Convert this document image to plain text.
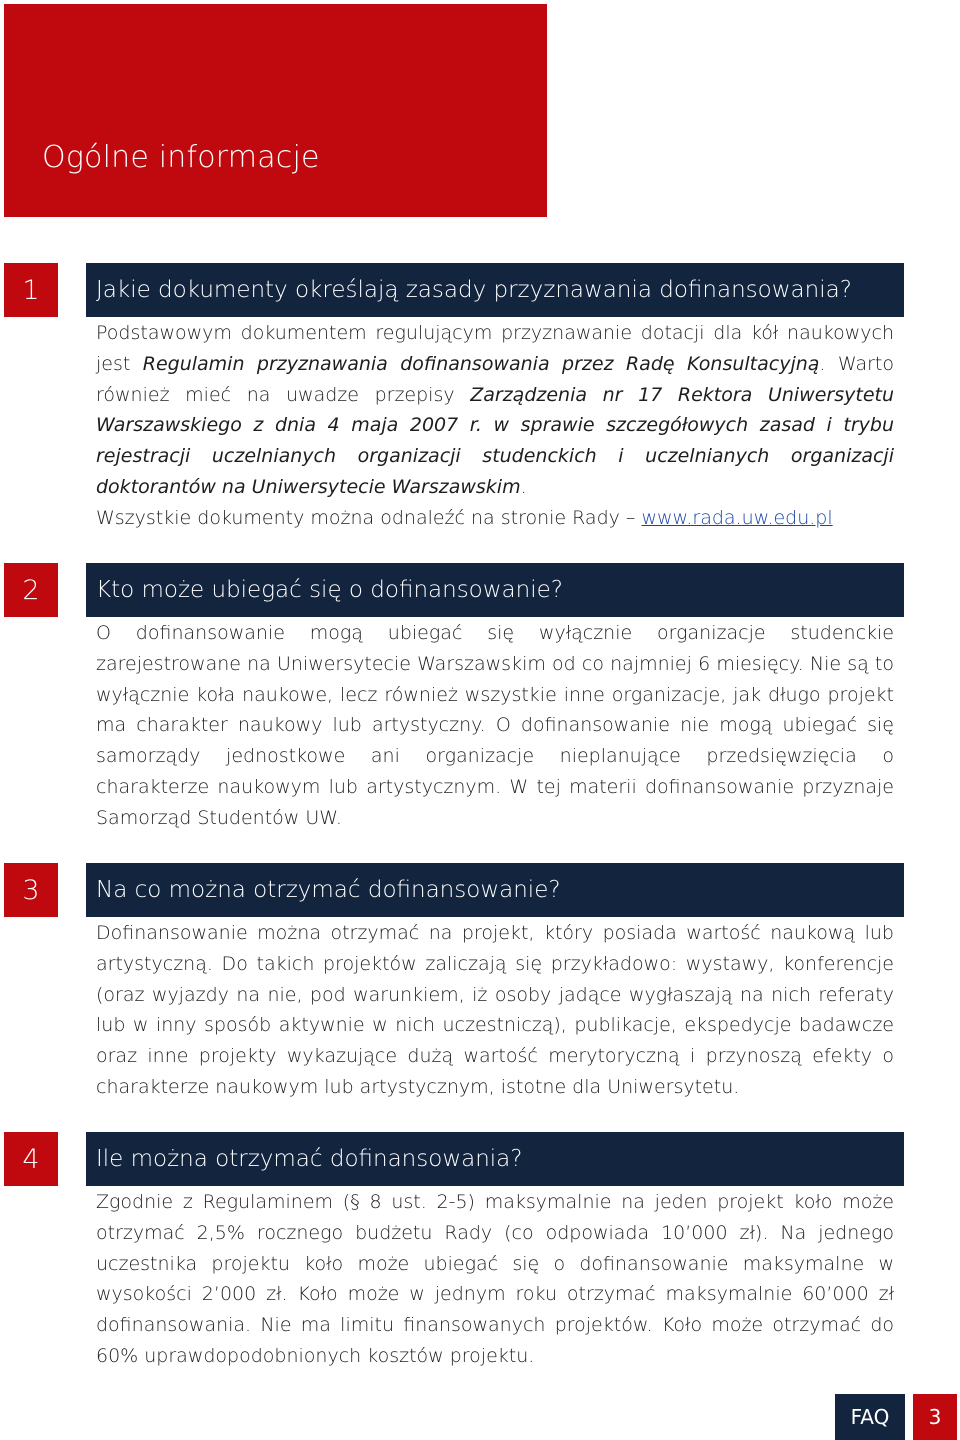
Ogólne informacje
1	Jakie dokumenty określają zasady przyznawania dofinansowania?

Podstawowym dokumentem regulującym przyznawanie dotacji dla kół naukowych jest Regulamin przyznawania dofinansowania przez Radę Konsultacyjną. Warto również mieć na uwadze przepisy Zarządzenia nr 17 Rektora Uniwersytetu Warszawskiego z dnia 4 maja 2007 r. w sprawie szczegółowych zasad i trybu rejestracji uczelnianych organizacji studenckich i uczelnianych organizacji doktorantów na Uniwersytecie Warszawskim.

Wszystkie dokumenty można odnaleźć na stronie Rady – www.rada.uw.edu.pl

2	Kto może ubiegać się o dofinansowanie?

O dofinansowanie mogą ubiegać się wyłącznie organizacje studenckie zarejestrowane na Uniwersytecie Warszawskim od co najmniej 6 miesięcy. Nie są to wyłącznie koła naukowe, lecz również wszystkie inne organizacje, jak długo projekt ma charakter naukowy lub artystyczny. O dofinansowanie nie mogą ubiegać się samorządy jednostkowe ani organizacje nieplanujące przedsięwzięcia o charakterze naukowym lub artystycznym. W tej materii dofinansowanie przyznaje Samorząd Studentów UW.

3	Na co można otrzymać dofinansowanie?

Dofinansowanie można otrzymać na projekt, który posiada wartość naukową lub artystyczną. Do takich projektów zaliczają się przykładowo: wystawy, konferencje (oraz wyjazdy na nie, pod warunkiem, iż osoby jadące wygłaszają na nich referaty lub w inny sposób aktywnie w nich uczestniczą), publikacje, ekspedycje badawcze oraz inne projekty wykazujące dużą wartość merytoryczną i przynoszą efekty o charakterze naukowym lub artystycznym, istotne dla Uniwersytetu.

4	Ile można otrzymać dofinansowania?

Zgodnie z Regulaminem (§ 8 ust. 2-5) maksymalnie na jeden projekt koło może otrzymać 2,5% rocznego budżetu Rady (co odpowiada 10’000 zł). Na jednego uczestnika projektu koło może ubiegać się o dofinansowanie maksymalne w wysokości 2’000 zł. Koło może w jednym roku otrzymać maksymalnie 60’000 zł dofinansowania. Nie ma limitu finansowanych projektów. Koło może otrzymać do 60% uprawdopodobnionych kosztów projektu.

FAQ	3
